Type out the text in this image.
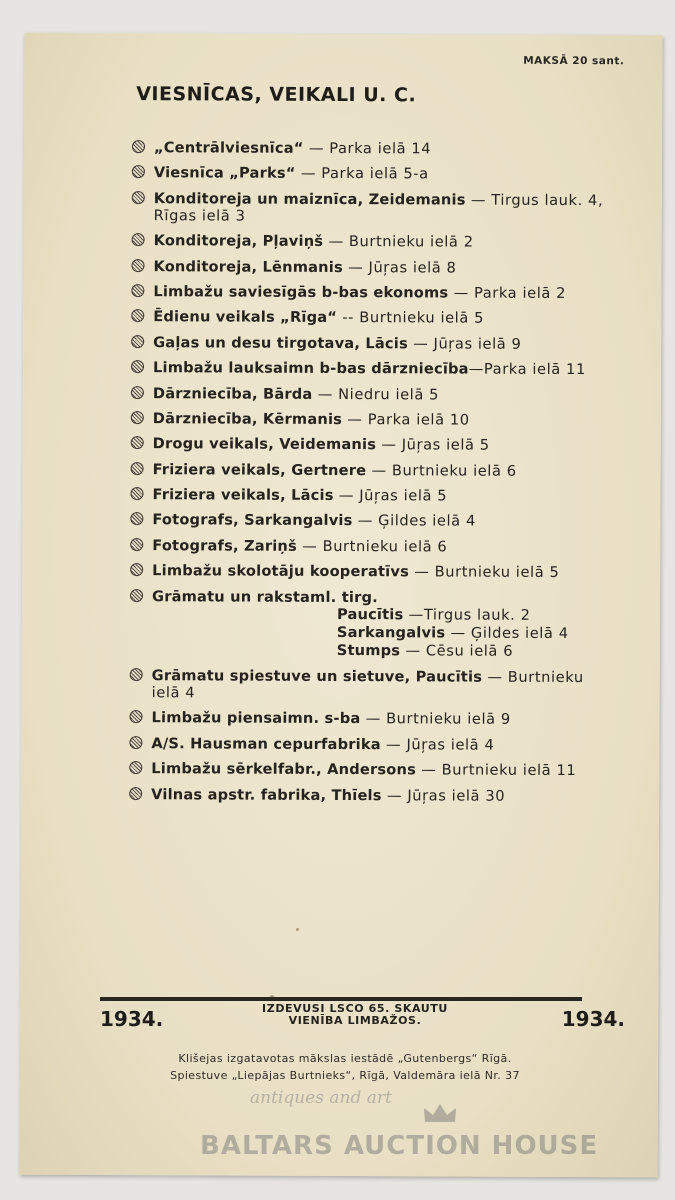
MAKSĀ 20 sant.
VIESNĪCAS, VEIKALI U. C.
„Centrālviesnīca“ — Parka ielā 14
Viesnīca „Parks“ — Parka ielā 5-a
Konditoreja un maiznīca, Zeidemanis — Tirgus lauk. 4, Rīgas ielā 3
Konditoreja, Pļaviņš — Burtnieku ielā 2
Konditoreja, Lēnmanis — Jūŗas ielā 8
Limbažu saviesīgās b-bas ekonoms — Parka ielā 2
Ēdienu veikals „Rīga“ -- Burtnieku ielā 5
Gaļas un desu tirgotava, Lācis — Jūŗas ielā 9
Limbažu lauksaimn b-bas dārzniecība—Parka ielā 11
Dārzniecība, Bārda — Niedru ielā 5
Dārzniecība, Kērmanis — Parka ielā 10
Drogu veikals, Veidemanis — Jūŗas ielā 5
Friziera veikals, Gertnere — Burtnieku ielā 6
Friziera veikals, Lācis — Jūŗas ielā 5
Fotografs, Sarkangalvis — Ģildes ielā 4
Fotografs, Zariņš — Burtnieku ielā 6
Limbažu skolotāju kooperatīvs — Burtnieku ielā 5
Grāmatu un rakstaml. tirg.
Paucītis —Tirgus lauk. 2
Sarkangalvis — Ģildes ielā 4
Stumps — Cēsu ielā 6
Grāmatu spiestuve un sietuve, Paucītis — Burtnieku ielā 4
Limbažu piensaimn. s-ba — Burtnieku ielā 9
A/S. Hausman cepurfabrika — Jūŗas ielā 4
Limbažu sērkelfabr., Andersons — Burtnieku ielā 11
Vilnas apstr. fabrika, Thīels — Jūŗas ielā 30
1934.	IZDEVUSI LSCO 65. SKAUTU
VIENĪBA LIMBAŽOS.	1934.
Klišejas izgatavotas mākslas iestādē „Gutenbergs“ Rīgā.
Spiestuve „Liepājas Burtnieks“, Rīgā, Valdemāra ielā Nr. 37
antiques and art
BALTARS AUCTION HOUSE
